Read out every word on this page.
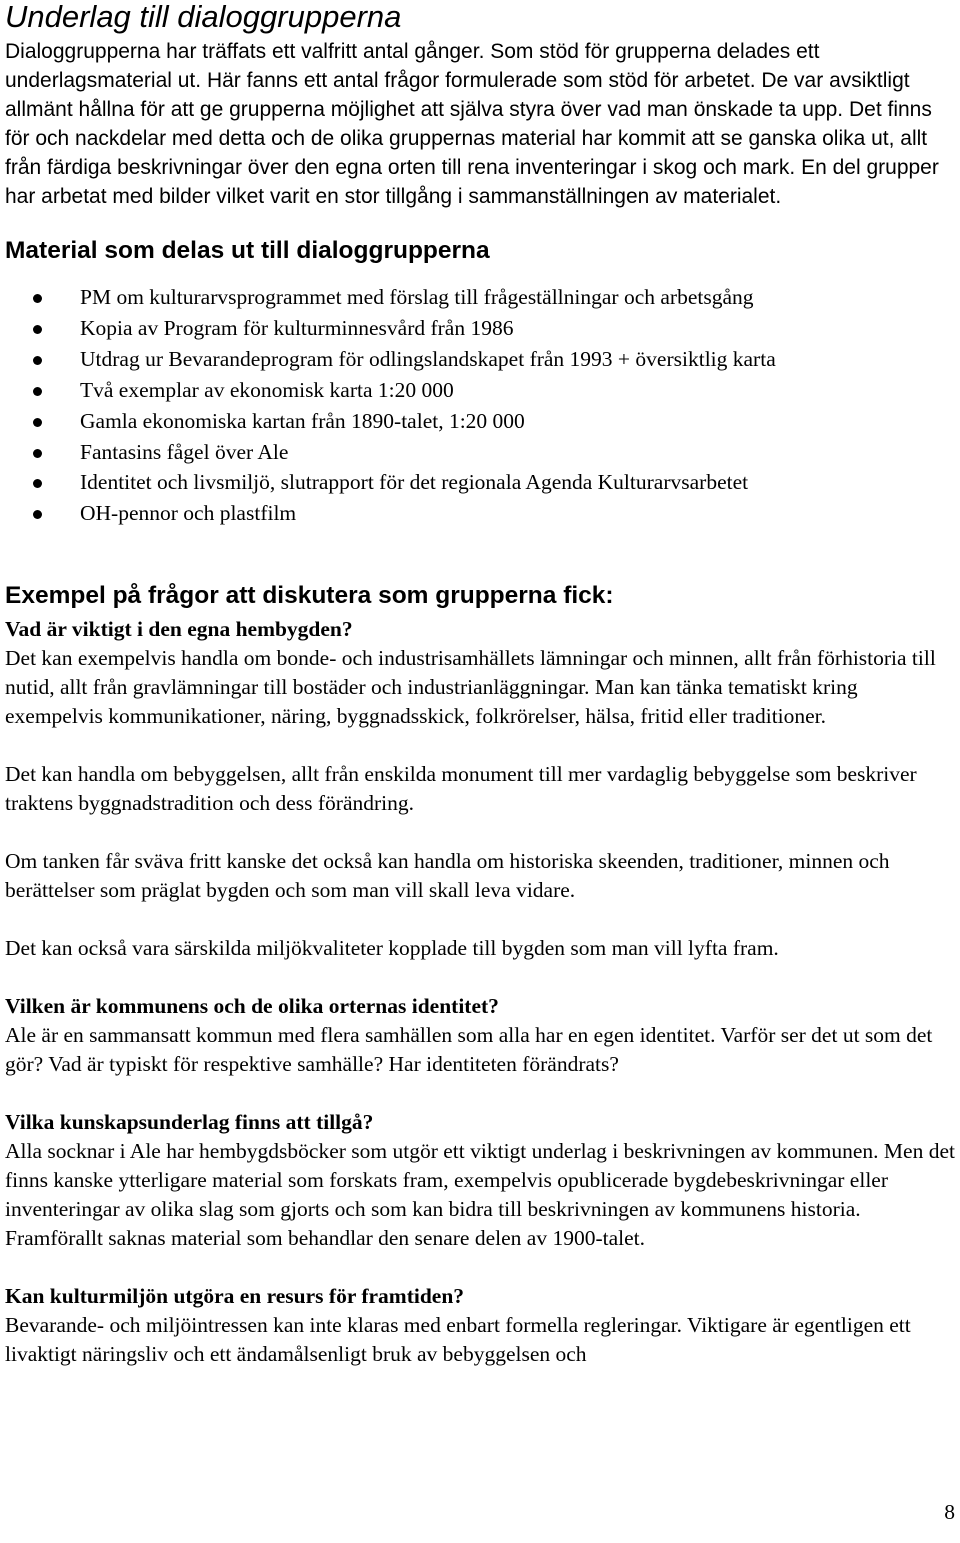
Underlag till dialoggrupperna

Dialoggrupperna har träffats ett valfritt antal gånger. Som stöd för grupperna delades ett underlagsmaterial ut. Här fanns ett antal frågor formulerade som stöd för arbetet. De var avsiktligt allmänt hållna för att ge grupperna möjlighet att själva styra över vad man önskade ta upp. Det finns för och nackdelar med detta och de olika gruppernas material har kommit att se ganska olika ut, allt från färdiga beskrivningar över den egna orten till rena inventeringar i skog och mark. En del grupper har arbetat med bilder vilket varit en stor tillgång i sammanställningen av materialet.

Material som delas ut till dialoggrupperna
PM om kulturarvsprogrammet med förslag till frågeställningar och arbetsgång
Kopia av Program för kulturminnesvård från 1986
Utdrag ur Bevarandeprogram för odlingslandskapet från 1993 + översiktlig karta
Två exemplar av ekonomisk karta 1:20 000
Gamla ekonomiska kartan från 1890-talet, 1:20 000
Fantasins fågel över Ale
Identitet och livsmiljö, slutrapport för det regionala Agenda Kulturarvsarbetet
OH-pennor och plastfilm
Exempel på frågor att diskutera som grupperna fick:

Vad är viktigt i den egna hembygden?

Det kan exempelvis handla om bonde- och industrisamhällets lämningar och minnen, allt från förhistoria till nutid, allt från gravlämningar till bostäder och industrianläggningar. Man kan tänka tematiskt kring exempelvis kommunikationer, näring, byggnadsskick, folkrörelser, hälsa, fritid eller traditioner.

Det kan handla om bebyggelsen, allt från enskilda monument till mer vardaglig bebyggelse som beskriver traktens byggnadstradition och dess förändring.

Om tanken får sväva fritt kanske det också kan handla om historiska skeenden, traditioner, minnen och berättelser som präglat bygden och som man vill skall leva vidare.

Det kan också vara särskilda miljökvaliteter kopplade till bygden som man vill lyfta fram.

Vilken är kommunens och de olika orternas identitet?

Ale är en sammansatt kommun med flera samhällen som alla har en egen identitet. Varför ser det ut som det gör? Vad är typiskt för respektive samhälle? Har identiteten förändrats?

Vilka kunskapsunderlag finns att tillgå?

Alla socknar i Ale har hembygdsböcker som utgör ett viktigt underlag i beskrivningen av kommunen. Men det finns kanske ytterligare material som forskats fram, exempelvis opublicerade bygdebeskrivningar eller inventeringar av olika slag som gjorts och som kan bidra till beskrivningen av kommunens historia. Framförallt saknas material som behandlar den senare delen av 1900-talet.

Kan kulturmiljön utgöra en resurs för framtiden?

Bevarande- och miljöintressen kan inte klaras med enbart formella regleringar. Viktigare är egentligen ett livaktigt näringsliv och ett ändamålsenligt bruk av bebyggelsen och

8
